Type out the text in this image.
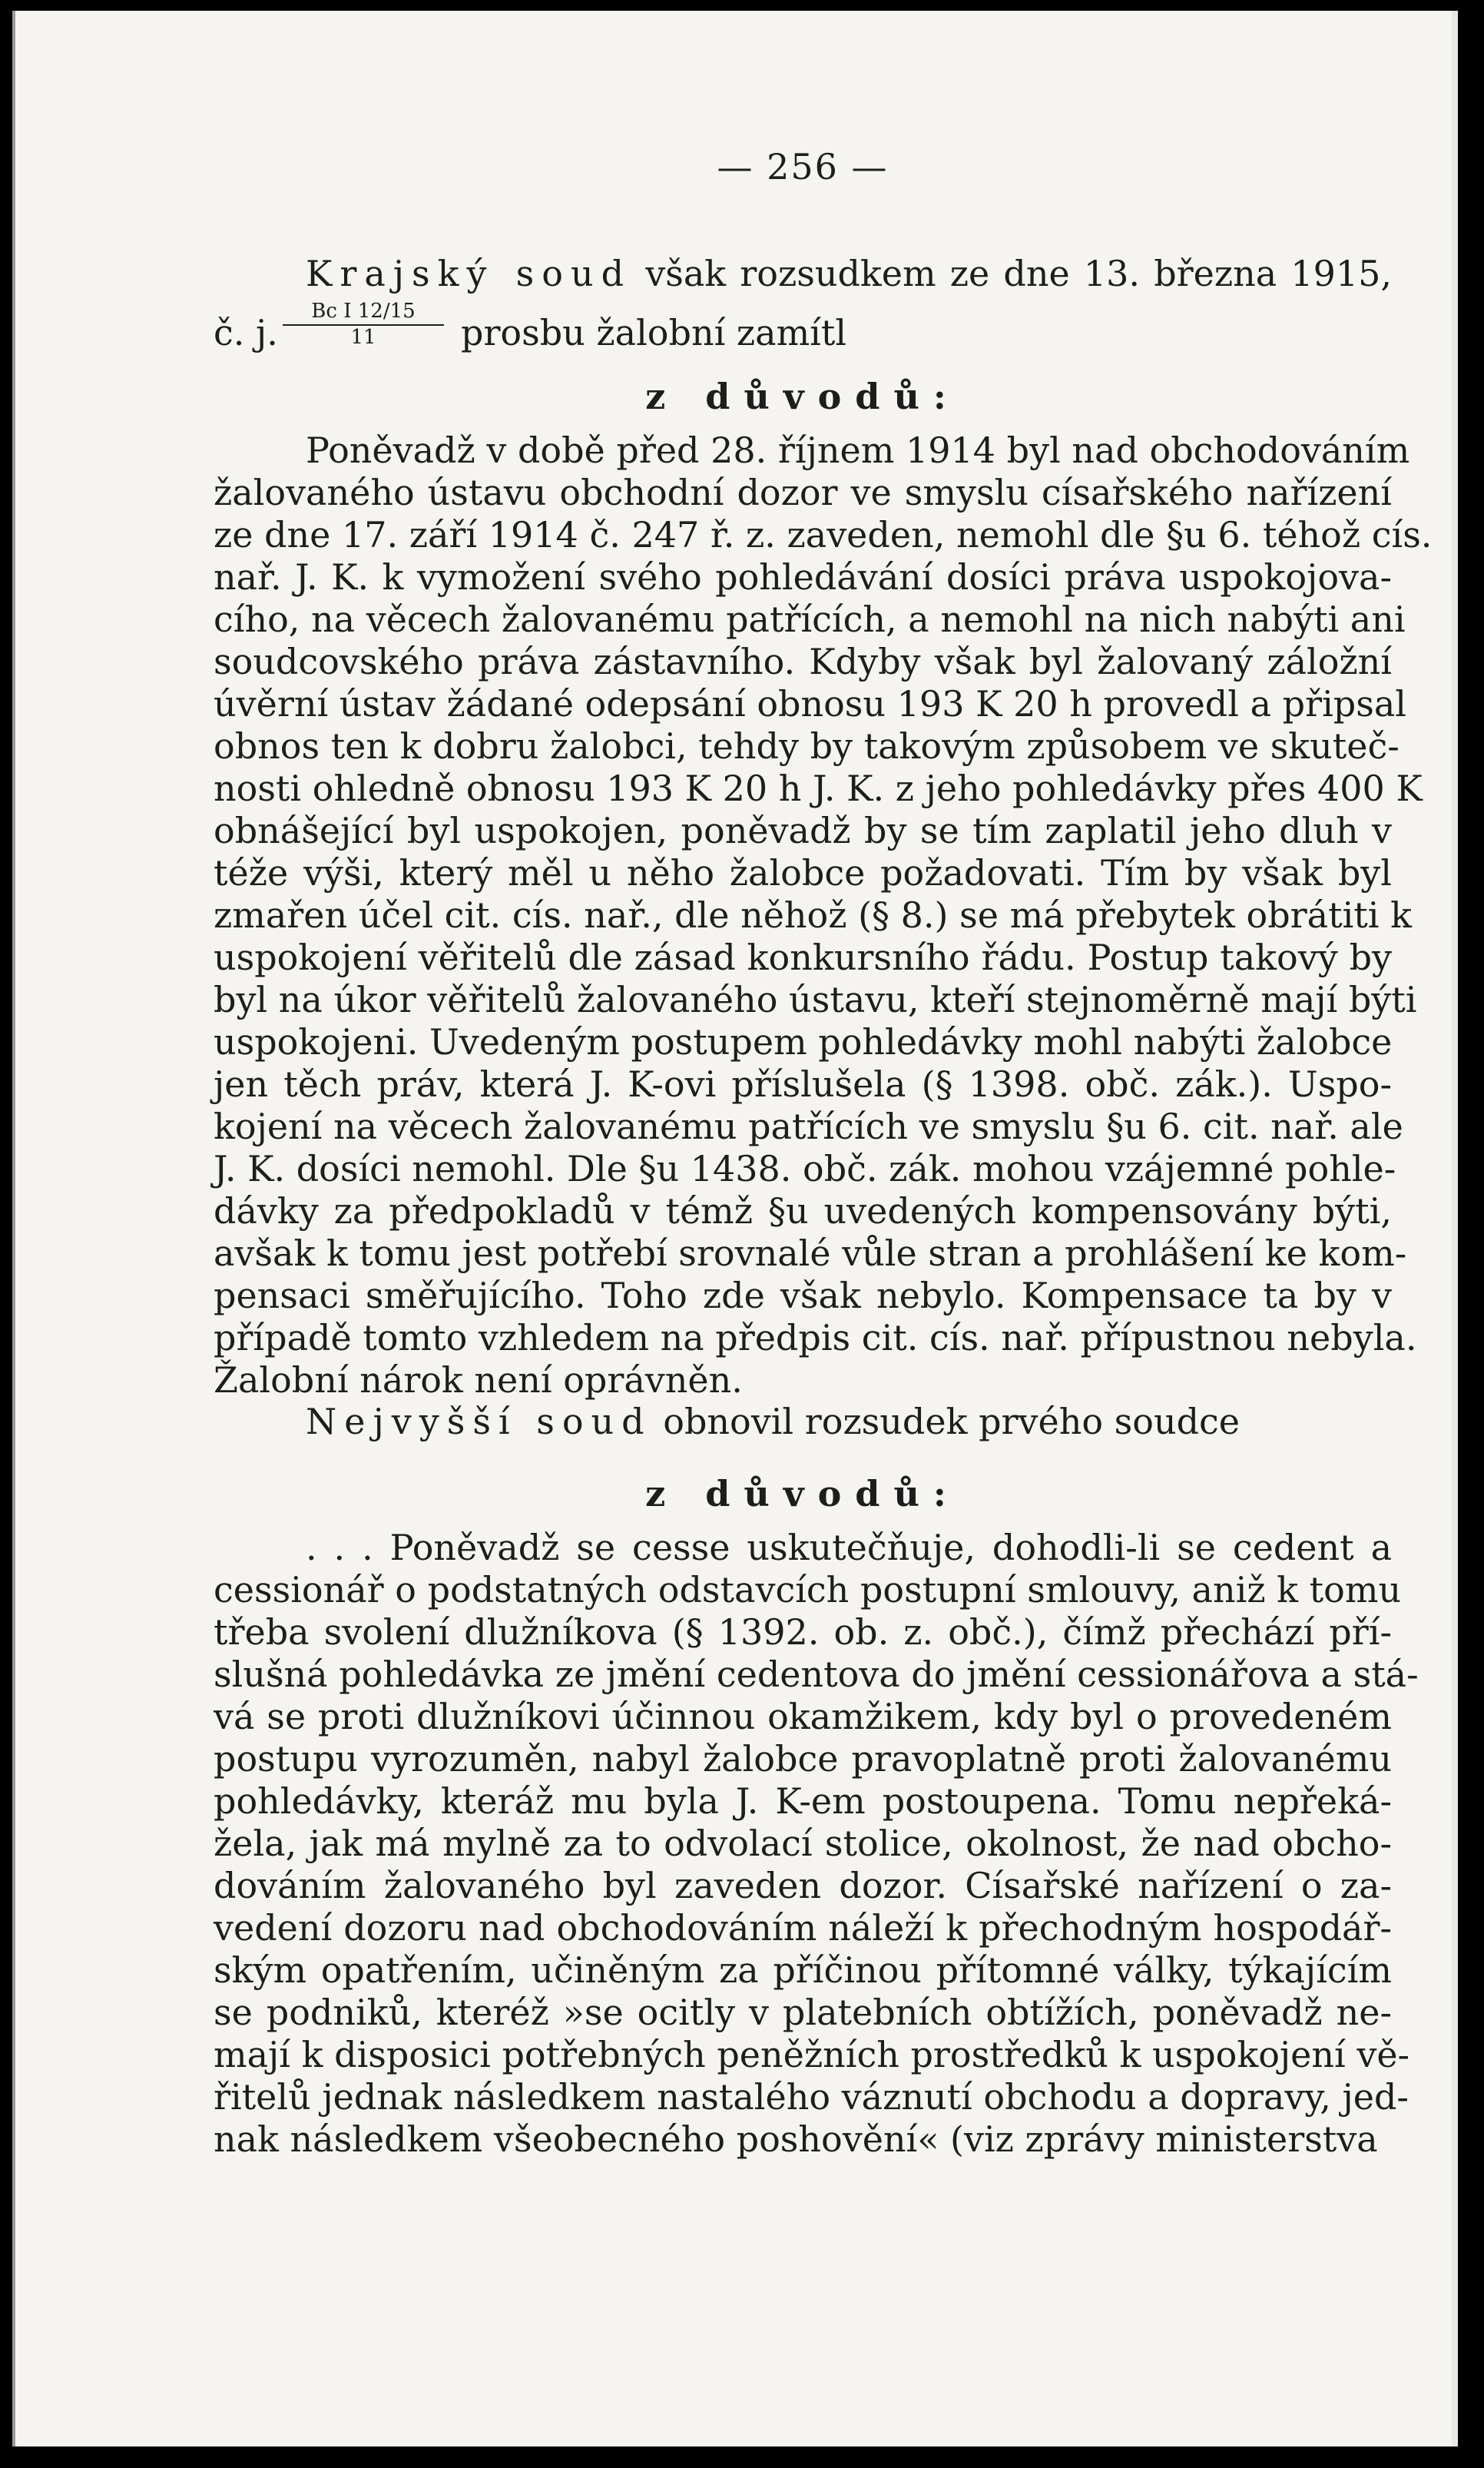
— 256 —
Krajský soud však rozsudkem ze dne 13. března 1915,
č. j. $\frac{\text{Bc I 12/15}}{11}$ prosbu žalobní zamítl
z důvodů:
Poněvadž v době před 28. říjnem 1914 byl nad obchodováním
žalovaného ústavu obchodní dozor ve smyslu císařského nařízení
ze dne 17. září 1914 č. 247 ř. z. zaveden, nemohl dle §u 6. téhož cís.
nař. J. K. k vymožení svého pohledávání dosíci práva uspokojova-
cího, na věcech žalovanému patřících, a nemohl na nich nabýti ani
soudcovského práva zástavního. Kdyby však byl žalovaný záložní
úvěrní ústav žádané odepsání obnosu 193 K 20 h provedl a připsal
obnos ten k dobru žalobci, tehdy by takovým způsobem ve skuteč-
nosti ohledně obnosu 193 K 20 h J. K. z jeho pohledávky přes 400 K
obnášející byl uspokojen, poněvadž by se tím zaplatil jeho dluh v
téže výši, který měl u něho žalobce požadovati. Tím by však byl
zmařen účel cit. cís. nař., dle něhož (§ 8.) se má přebytek obrátiti k
uspokojení věřitelů dle zásad konkursního řádu. Postup takový by
byl na úkor věřitelů žalovaného ústavu, kteří stejnoměrně mají býti
uspokojeni. Uvedeným postupem pohledávky mohl nabýti žalobce
jen těch práv, která J. K-ovi příslušela (§ 1398. obč. zák.). Uspo-
kojení na věcech žalovanému patřících ve smyslu §u 6. cit. nař. ale
J. K. dosíci nemohl. Dle §u 1438. obč. zák. mohou vzájemné pohle-
dávky za předpokladů v témž §u uvedených kompensovány býti,
avšak k tomu jest potřebí srovnalé vůle stran a prohlášení ke kom-
pensaci směřujícího. Toho zde však nebylo. Kompensace ta by v
případě tomto vzhledem na předpis cit. cís. nař. přípustnou nebyla.
Žalobní nárok není oprávněn.
Nejvyšší soud obnovil rozsudek prvého soudce
z důvodů:
. . . Poněvadž se cesse uskutečňuje, dohodli-li se cedent a
cessionář o podstatných odstavcích postupní smlouvy, aniž k tomu
třeba svolení dlužníkova (§ 1392. ob. z. obč.), čímž přechází pří-
slušná pohledávka ze jmění cedentova do jmění cessionářova a stá-
vá se proti dlužníkovi účinnou okamžikem, kdy byl o provedeném
postupu vyrozuměn, nabyl žalobce pravoplatně proti žalovanému
pohledávky, kteráž mu byla J. K-em postoupena. Tomu nepřeká-
žela, jak má mylně za to odvolací stolice, okolnost, že nad obcho-
dováním žalovaného byl zaveden dozor. Císařské nařízení o za-
vedení dozoru nad obchodováním náleží k přechodným hospodář-
ským opatřením, učiněným za příčinou přítomné války, týkajícím
se podniků, kteréž »se ocitly v platebních obtížích, poněvadž ne-
mají k disposici potřebných peněžních prostředků k uspokojení vě-
řitelů jednak následkem nastalého váznutí obchodu a dopravy, jed-
nak následkem všeobecného poshovění« (viz zprávy ministerstva
